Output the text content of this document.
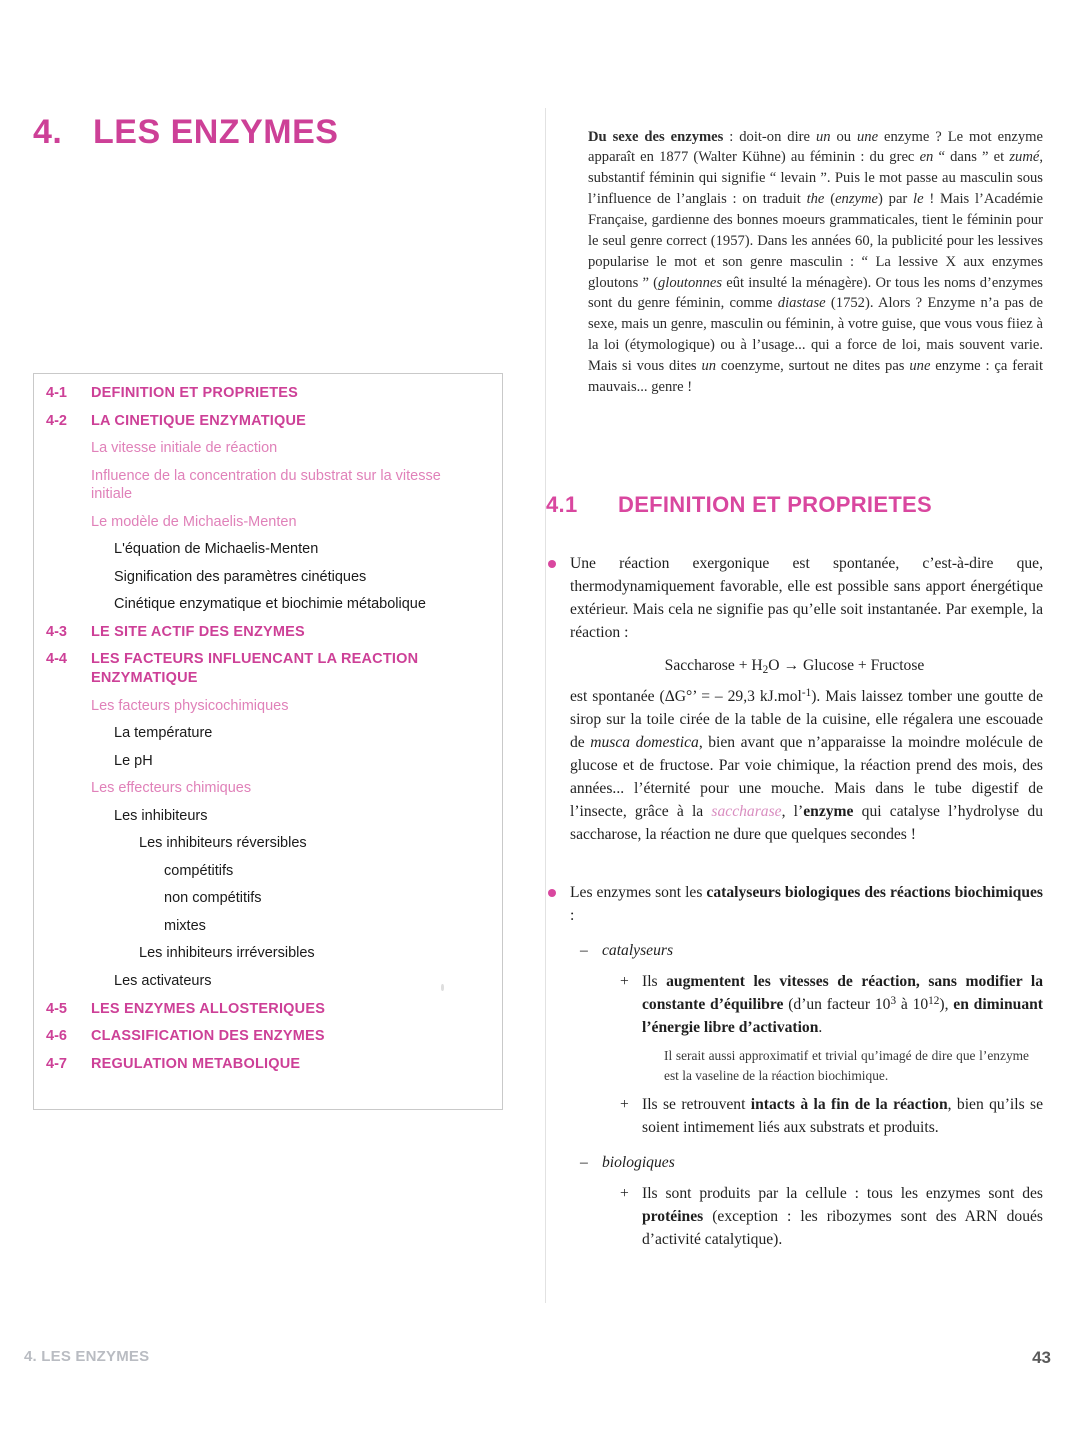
4. LES ENZYMES
4-1	DEFINITION ET PROPRIETES
4-2	LA CINETIQUE ENZYMATIQUE
La vitesse initiale de réaction
Influence de la concentration du substrat sur la vitesse initiale
Le modèle de Michaelis-Menten
L'équation de Michaelis-Menten
Signification des paramètres cinétiques
Cinétique enzymatique et biochimie métabolique
4-3	LE SITE ACTIF DES ENZYMES
4-4	LES FACTEURS INFLUENCANT LA REACTION ENZYMATIQUE
Les facteurs physicochimiques
La température
Le pH
Les effecteurs chimiques
Les inhibiteurs
Les inhibiteurs réversibles
compétitifs
non compétitifs
mixtes
Les inhibiteurs irréversibles
Les activateurs
4-5	LES ENZYMES ALLOSTERIQUES
4-6	CLASSIFICATION DES ENZYMES
4-7	REGULATION METABOLIQUE

Du sexe des enzymes : doit-on dire un ou une enzyme ? Le mot enzyme apparaît en 1877 (Walter Kühne) au féminin : du grec en “ dans ” et zumé, substantif féminin qui signifie “ levain ”. Puis le mot passe au masculin sous l’influence de l’anglais : on traduit the (enzyme) par le ! Mais l’Académie Française, gardienne des bonnes moeurs grammaticales, tient le féminin pour le seul genre correct (1957). Dans les années 60, la publicité pour les lessives popularise le mot et son genre masculin : “ La lessive X aux enzymes gloutons ” (gloutonnes eût insulté la ménagère). Or tous les noms d’enzymes sont du genre féminin, comme diastase (1752). Alors ? Enzyme n’a pas de sexe, mais un genre, masculin ou féminin, à votre guise, que vous vous fiiez à la loi (étymologique) ou à l’usage... qui a force de loi, mais souvent varie. Mais si vous dites un coenzyme, surtout ne dites pas une enzyme : ça ferait mauvais... genre !

4.1 DEFINITION ET PROPRIETES
Une réaction exergonique est spontanée, c’est-à-dire que, thermodynamiquement favorable, elle est possible sans apport énergétique extérieur. Mais cela ne signifie pas qu’elle soit instantanée. Par exemple, la réaction :
Saccharose + $H_2O \to Glucose$ + Fructose
est spontanée (ΔG°’ = – 29,3 kJ.mol$^{-1}$). Mais laissez tomber une goutte de sirop sur la toile cirée de la table de la cuisine, elle régalera une escouade de musca domestica, bien avant que n’apparaisse la moindre molécule de glucose et de fructose. Par voie chimique, la réaction prend des mois, des années... l’éternité pour une mouche. Mais dans le tube digestif de l’insecte, grâce à la saccharase, l’enzyme qui catalyse l’hydrolyse du saccharose, la réaction ne dure que quelques secondes !
Les enzymes sont les catalyseurs biologiques des réactions biochimiques :
– catalyseurs
+ Ils augmentent les vitesses de réaction, sans modifier la constante d’équilibre (d’un facteur $10^3$ à $10^{12}$), en diminuant l’énergie libre d’activation.
Il serait aussi approximatif et trivial qu’imagé de dire que l’enzyme est la vaseline de la réaction biochimique.
+ Ils se retrouvent intacts à la fin de la réaction, bien qu’ils se soient intimement liés aux substrats et produits.
– biologiques
+ Ils sont produits par la cellule : tous les enzymes sont des protéines (exception : les ribozymes sont des ARN doués d’activité catalytique).
4. LES ENZYMES	43
